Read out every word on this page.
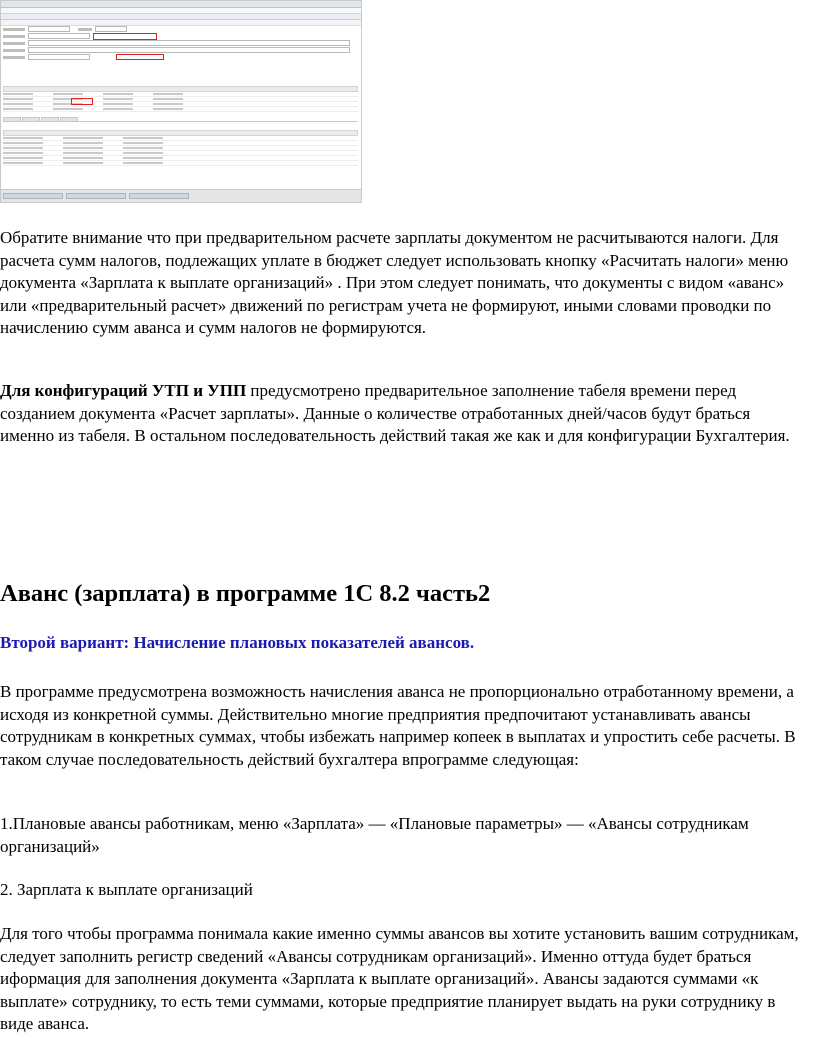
Обратите внимание что при предварительном расчете зарплаты документом не расчитываются налоги. Для расчета сумм налогов, подлежащих уплате в бюджет следует использовать кнопку «Расчитать налоги» меню документа «Зарплата к выплате организаций» . При этом следует понимать, что документы с видом «аванс» или «предварительный расчет» движений по регистрам учета не формируют, иными словами проводки по начислению сумм аванса и сумм налогов не формируются.

Для конфигураций УТП и УПП предусмотрено предварительное заполнение табеля времени перед созданием документа «Расчет зарплаты». Данные о количестве отработанных дней/часов будут браться именно из табеля. В остальном последовательность действий такая же как и для конфигурации Бухгалтерия.

Аванс (зарплата) в программе 1С 8.2 часть2

Второй вариант: Начисление плановых показателей авансов.

В программе предусмотрена возможность начисления аванса не пропорционально отработанному времени, а исходя из конкретной суммы. Действительно многие предприятия предпочитают устанавливать авансы сотрудникам в конкретных суммах, чтобы избежать например копеек в выплатах и упростить себе расчеты. В таком случае последовательность действий бухгалтера впрограмме следующая:

1.Плановые авансы работникам, меню «Зарплата» — «Плановые параметры» — «Авансы сотрудникам организаций»

2. Зарплата к выплате организаций

Для того чтобы программа понимала какие именно суммы авансов вы хотите установить вашим сотрудникам, следует заполнить регистр сведений «Авансы сотрудникам организаций». Именно оттуда будет браться иформация для заполнения документа «Зарплата к выплате организаций». Авансы задаются суммами «к выплате» сотруднику, то есть теми суммами, которые предприятие планирует выдать на руки сотруднику в виде аванса.
